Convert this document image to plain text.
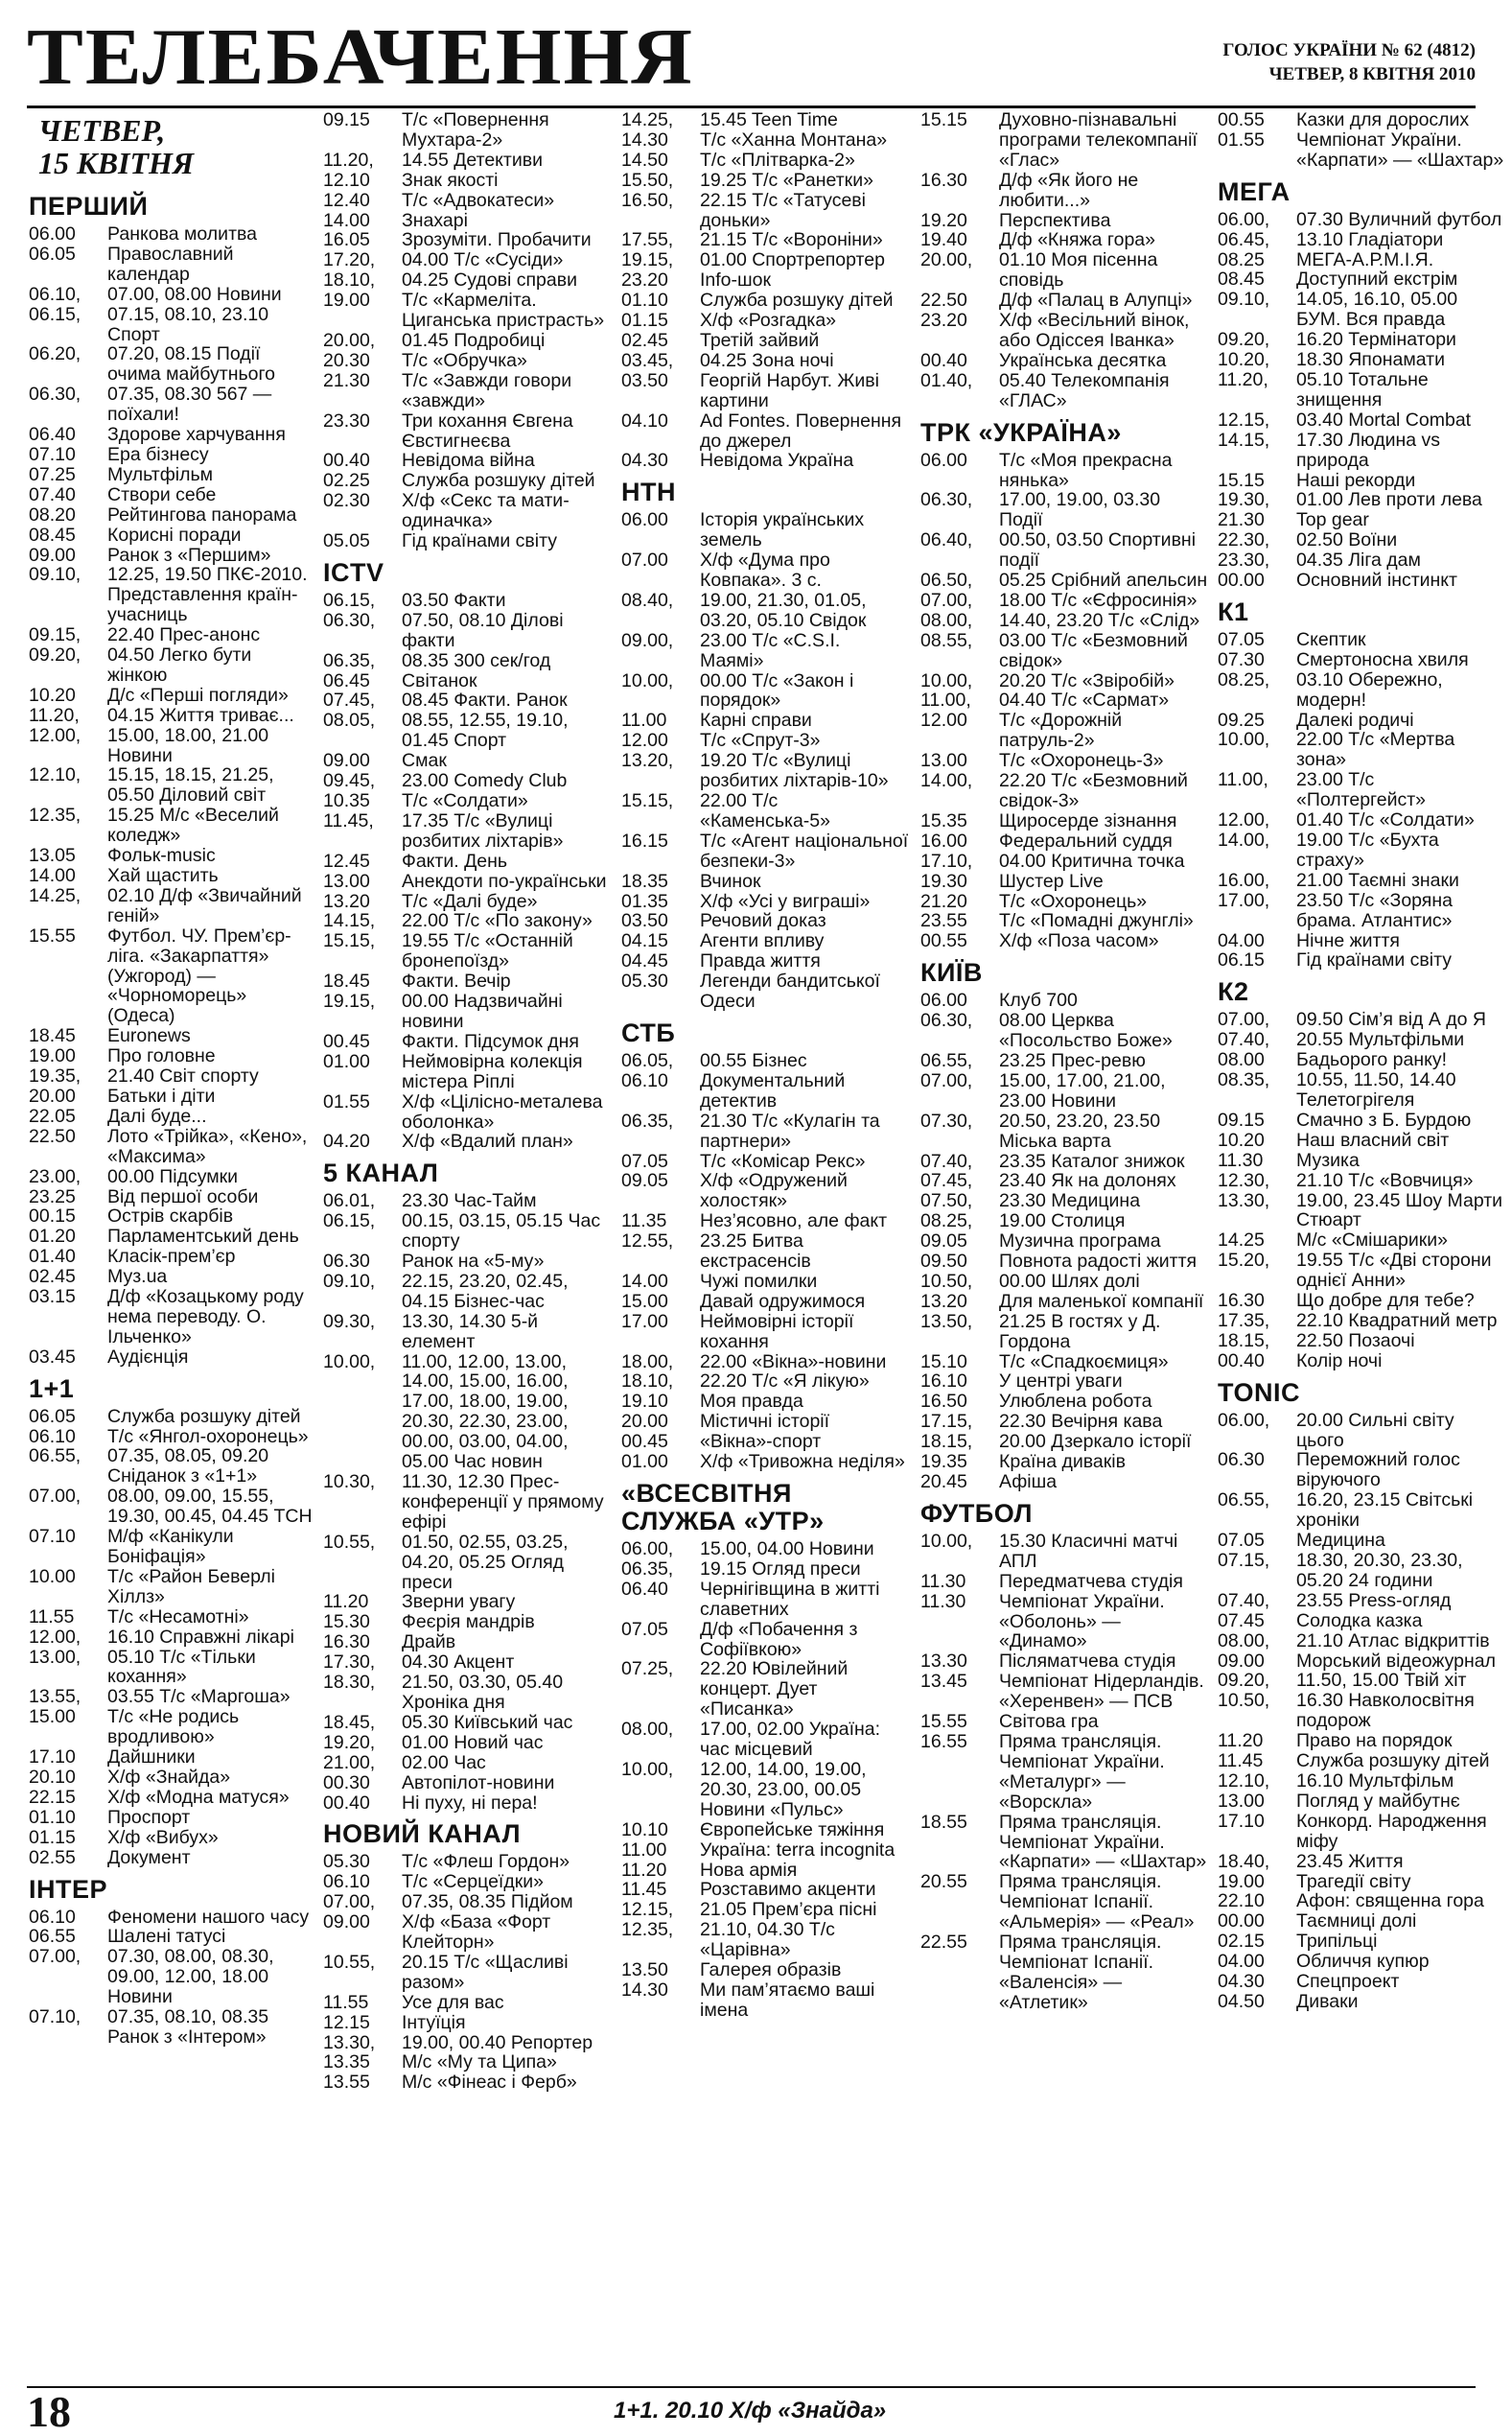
ТЕЛЕБАЧЕННЯ	ГОЛОС УКРАЇНИ № 62 (4812)
ЧЕТВЕР, 8 КВІТНЯ 2010
ЧЕТВЕР,
15 КВІТНЯ
ПЕРШИЙ
06.00 Ранкова молитва
06.05 Православний календар
06.10, 07.00, 08.00 Новини
06.15, 07.15, 08.10, 23.10 Спорт
06.20, 07.20, 08.15 Події очима майбутнього
06.30, 07.35, 08.30 567 — поїхали!
06.40 Здорове харчування
07.10 Ера бізнесу
07.25 Мультфільм
07.40 Створи себе
08.20 Рейтингова панорама
08.45 Корисні поради
09.00 Ранок з «Першим»
09.10, 12.25, 19.50 ПКЄ-2010. Представлення країн-учасниць
09.15, 22.40 Прес-анонс
09.20, 04.50 Легко бути жінкою
10.20 Д/с «Перші погляди»
11.20, 04.15 Життя триває...
12.00, 15.00, 18.00, 21.00 Новини
12.10, 15.15, 18.15, 21.25, 05.50 Діловий світ
12.35, 15.25 М/с «Веселий коледж»
13.05 Фольк-music
14.00 Хай щастить
14.25, 02.10 Д/ф «Звичайний геній»
15.55 Футбол. ЧУ. Прем’єр-ліга. «Закарпаття» (Ужгород) — «Чорноморець» (Одеса)
18.45 Euronews
19.00 Про головне
19.35, 21.40 Світ спорту
20.00 Батьки і діти
22.05 Далі буде...
22.50 Лото «Трійка», «Кено», «Максима»
23.00, 00.00 Підсумки
23.25 Від першої особи
00.15 Острів скарбів
01.20 Парламентський день
01.40 Класік-прем’єр
02.45 Муз.ua
03.15 Д/ф «Козацькому роду нема переводу. О. Ільченко»
03.45 Аудієнція
1+1
06.05 Служба розшуку дітей
06.10 Т/с «Янгол-охоронець»
06.55, 07.35, 08.05, 09.20 Сніданок з «1+1»
07.00, 08.00, 09.00, 15.55, 19.30, 00.45, 04.45 ТСН
07.10 М/ф «Канікули Боніфація»
10.00 Т/с «Район Беверлі Хіллз»
11.55 Т/с «Несамотні»
12.00, 16.10 Справжні лікарі
13.00, 05.10 Т/с «Тільки кохання»
13.55, 03.55 Т/с «Маргоша»
15.00 Т/с «Не родись вродливою»
17.10 Дайшники
20.10 Х/ф «Знайда»
22.15 Х/ф «Модна матуся»
01.10 Проспорт
01.15 Х/ф «Вибух»
02.55 Документ
ІНТЕР
06.10 Феномени нашого часу
06.55 Шалені татусі
07.00, 07.30, 08.00, 08.30, 09.00, 12.00, 18.00 Новини
07.10, 07.35, 08.10, 08.35 Ранок з «Інтером»
09.15 Т/с «Повернення Мухтара-2»
11.20, 14.55 Детективи
12.10 Знак якості
12.40 Т/с «Адвокатеси»
14.00 Знахарі
16.05 Зрозуміти. Пробачити
17.20, 04.00 Т/с «Сусіди»
18.10, 04.25 Судові справи
19.00 Т/с «Кармеліта. Циганська пристрасть»
20.00, 01.45 Подробиці
20.30 Т/с «Обручка»
21.30 Т/с «Завжди говори «завжди»
23.30 Три кохання Євгена Євстигнеєва
00.40 Невідома війна
02.25 Служба розшуку дітей
02.30 Х/ф «Секс та мати-одиначка»
05.05 Гід країнами світу
ICTV
06.15, 03.50 Факти
06.30, 07.50, 08.10 Ділові факти
06.35, 08.35 300 сек/год
06.45 Світанок
07.45, 08.45 Факти. Ранок
08.05, 08.55, 12.55, 19.10, 01.45 Спорт
09.00 Смак
09.45, 23.00 Comedy Club
10.35 Т/с «Солдати»
11.45, 17.35 Т/с «Вулиці розбитих ліхтарів»
12.45 Факти. День
13.00 Анекдоти по-українськи
13.20 Т/с «Далі буде»
14.15, 22.00 Т/с «По закону»
15.15, 19.55 Т/с «Останній бронепоїзд»
18.45 Факти. Вечір
19.15, 00.00 Надзвичайні новини
00.45 Факти. Підсумок дня
01.00 Неймовірна колекція містера Ріплі
01.55 Х/ф «Цілісно-металева оболонка»
04.20 Х/ф «Вдалий план»
5 КАНАЛ
06.01, 23.30 Час-Тайм
06.15, 00.15, 03.15, 05.15 Час спорту
06.30 Ранок на «5-му»
09.10, 22.15, 23.20, 02.45, 04.15 Бізнес-час
09.30, 13.30, 14.30 5-й елемент
10.00, 11.00, 12.00, 13.00, 14.00, 15.00, 16.00, 17.00, 18.00, 19.00, 20.30, 22.30, 23.00, 00.00, 03.00, 04.00, 05.00 Час новин
10.30, 11.30, 12.30 Прес-конференції у прямому ефірі
10.55, 01.50, 02.55, 03.25, 04.20, 05.25 Огляд преси
11.20 Зверни увагу
15.30 Феєрія мандрів
16.30 Драйв
17.30, 04.30 Акцент
18.30, 21.50, 03.30, 05.40 Хроніка дня
18.45, 05.30 Київський час
19.20, 01.00 Новий час
21.00, 02.00 Час
00.30 Автопілот-новини
00.40 Ні пуху, ні пера!
НОВИЙ КАНАЛ
05.30 Т/с «Флеш Гордон»
06.10 Т/с «Серцеїдки»
07.00, 07.35, 08.35 Підйом
09.00 Х/ф «База «Форт Клейторн»
10.55, 20.15 Т/с «Щасливі разом»
11.55 Усе для вас
12.15 Інтуїція
13.30, 19.00, 00.40 Репортер
13.35 М/с «Му та Ципа»
13.55 М/с «Фінеас і Ферб»
14.25, 15.45 Teen Time
14.30 Т/с «Ханна Монтана»
14.50 Т/с «Плітварка-2»
15.50, 19.25 Т/с «Ранетки»
16.50, 22.15 Т/с «Татусеві доньки»
17.55, 21.15 Т/с «Вороніни»
19.15, 01.00 Спортрепортер
23.20 Info-шок
01.10 Служба розшуку дітей
01.15 Х/ф «Розгадка»
02.45 Третій зайвий
03.45, 04.25 Зона ночі
03.50 Георгій Нарбут. Живі картини
04.10 Ad Fontes. Повернення до джерел
04.30 Невідома Україна
НТН
06.00 Історія українських земель
07.00 Х/ф «Дума про Ковпака». 3 с.
08.40, 19.00, 21.30, 01.05, 03.20, 05.10 Свідок
09.00, 23.00 Т/с «C.S.I. Маямі»
10.00, 00.00 Т/с «Закон і порядок»
11.00 Карні справи
12.00 Т/с «Спрут-3»
13.20, 19.20 Т/с «Вулиці розбитих ліхтарів-10»
15.15, 22.00 Т/с «Каменська-5»
16.15 Т/с «Агент національної безпеки-3»
18.35 Вчинок
01.35 Х/ф «Усі у виграші»
03.50 Речовий доказ
04.15 Агенти впливу
04.45 Правда життя
05.30 Легенди бандитської Одеси
СТБ
06.05, 00.55 Бізнес
06.10 Документальний детектив
06.35, 21.30 Т/с «Кулагін та партнери»
07.05 Т/с «Комісар Рекс»
09.05 Х/ф «Одружений холостяк»
11.35 Нез’ясовно, але факт
12.55, 23.25 Битва екстрасенсів
14.00 Чужі помилки
15.00 Давай одружимося
17.00 Неймовірні історії кохання
18.00, 22.00 «Вікна»-новини
18.10, 22.20 Т/с «Я лікую»
19.10 Моя правда
20.00 Містичні історії
00.45 «Вікна»-спорт
01.00 Х/ф «Тривожна неділя»
«ВСЕСВІТНЯ СЛУЖБА «УТР»
06.00, 15.00, 04.00 Новини
06.35, 19.15 Огляд преси
06.40 Чернігівщина в житті славетних
07.05 Д/ф «Побачення з Софіївкою»
07.25, 22.20 Ювілейний концерт. Дует «Писанка»
08.00, 17.00, 02.00 Україна: час місцевий
10.00, 12.00, 14.00, 19.00, 20.30, 23.00, 00.05 Новини «Пульс»
10.10 Європейське тяжіння
11.00 Україна: terra incognita
11.20 Нова армія
11.45 Розставимо акценти
12.15, 21.05 Прем’єра пісні
12.35, 21.10, 04.30 Т/с «Царівна»
13.50 Галерея образів
14.30 Ми пам’ятаємо ваші імена
15.15 Духовно-пізнавальні програми телекомпанії «Глас»
16.30 Д/ф «Як його не любити...»
19.20 Перспектива
19.40 Д/ф «Княжа гора»
20.00, 01.10 Моя пісенна сповідь
22.50 Д/ф «Палац в Алупці»
23.20 Х/ф «Весільний вінок, або Одіссея Іванка»
00.40 Українська десятка
01.40, 05.40 Телекомпанія «ГЛАС»
ТРК «УКРАЇНА»
06.00 Т/с «Моя прекрасна нянька»
06.30, 17.00, 19.00, 03.30 Події
06.40, 00.50, 03.50 Спортивні події
06.50, 05.25 Срібний апельсин
07.00, 18.00 Т/с «Єфросинія»
08.00, 14.40, 23.20 Т/с «Слід»
08.55, 03.00 Т/с «Безмовний свідок»
10.00, 20.20 Т/с «Звіробій»
11.00, 04.40 Т/с «Сармат»
12.00 Т/с «Дорожній патруль-2»
13.00 Т/с «Охоронець-3»
14.00, 22.20 Т/с «Безмовний свідок-3»
15.35 Щиросерде зізнання
16.00 Федеральний суддя
17.10, 04.00 Критична точка
19.30 Шустер Live
21.20 Т/с «Охоронець»
23.55 Т/с «Помадні джунглі»
00.55 Х/ф «Поза часом»
КИЇВ
06.00 Клуб 700
06.30, 08.00 Церква «Посольство Боже»
06.55, 23.25 Прес-ревю
07.00, 15.00, 17.00, 21.00, 23.00 Новини
07.30, 20.50, 23.20, 23.50 Міська варта
07.40, 23.35 Каталог знижок
07.45, 23.40 Як на долонях
07.50, 23.30 Медицина
08.25, 19.00 Столиця
09.05 Музична програма
09.50 Повнота радості життя
10.50, 00.00 Шлях долі
13.20 Для маленької компанії
13.50, 21.25 В гостях у Д. Гордона
15.10 Т/с «Спадкоємиця»
16.10 У центрі уваги
16.50 Улюблена робота
17.15, 22.30 Вечірня кава
18.15, 20.00 Дзеркало історії
19.35 Країна диваків
20.45 Афіша
ФУТБОЛ
10.00, 15.30 Класичні матчі АПЛ
11.30 Передматчева студія
11.30 Чемпіонат України. «Оболонь» — «Динамо»
13.30 Післяматчева студія
13.45 Чемпіонат Нідерландів. «Херенвен» — ПСВ
15.55 Світова гра
16.55 Пряма трансляція. Чемпіонат України. «Металург» — «Ворскла»
18.55 Пряма трансляція. Чемпіонат України. «Карпати» — «Шахтар»
20.55 Пряма трансляція. Чемпіонат Іспанії. «Альмерія» — «Реал»
22.55 Пряма трансляція. Чемпіонат Іспанії. «Валенсія» — «Атлетик»
00.55 Казки для дорослих
01.55 Чемпіонат України. «Карпати» — «Шахтар»
МЕГА
06.00, 07.30 Вуличний футбол
06.45, 13.10 Гладіатори
08.25 МЕГА-А.Р.М.І.Я.
08.45 Доступний екстрім
09.10, 14.05, 16.10, 05.00 БУМ. Вся правда
09.20, 16.20 Термінатори
10.20, 18.30 Японамати
11.20, 05.10 Тотальне знищення
12.15, 03.40 Mortal Combat
14.15, 17.30 Людина vs природа
15.15 Наші рекорди
19.30, 01.00 Лев проти лева
21.30 Top gear
22.30, 02.50 Воїни
23.30, 04.35 Ліга дам
00.00 Основний інстинкт
К1
07.05 Скептик
07.30 Смертоносна хвиля
08.25, 03.10 Обережно, модерн!
09.25 Далекі родичі
10.00, 22.00 Т/с «Мертва зона»
11.00, 23.00 Т/с «Полтергейст»
12.00, 01.40 Т/с «Солдати»
14.00, 19.00 Т/с «Бухта страху»
16.00, 21.00 Таємні знаки
17.00, 23.50 Т/с «Зоряна брама. Атлантис»
04.00 Нічне життя
06.15 Гід країнами світу
К2
07.00, 09.50 Сім’я від А до Я
07.40, 20.55 Мультфільми
08.00 Бадьорого ранку!
08.35, 10.55, 11.50, 14.40 Телетогрігеля
09.15 Смачно з Б. Бурдою
10.20 Наш власний світ
11.30 Музика
12.30, 21.10 Т/с «Вовчиця»
13.30, 19.00, 23.45 Шоу Марти Стюарт
14.25 М/с «Смішарики»
15.20, 19.55 Т/с «Дві сторони однієї Анни»
16.30 Що добре для тебе?
17.35, 22.10 Квадратний метр
18.15, 22.50 Позаочі
00.40 Колір ночі
TONIC
06.00, 20.00 Сильні світу цього
06.30 Переможний голос віруючого
06.55, 16.20, 23.15 Світські хроніки
07.05 Медицина
07.15, 18.30, 20.30, 23.30, 05.20 24 години
07.40, 23.55 Press-огляд
07.45 Солодка казка
08.00, 21.10 Атлас відкриттів
09.00 Морський відеожурнал
09.20, 11.50, 15.00 Твій хіт
10.50, 16.30 Навколосвітня подорож
11.20 Право на порядок
11.45 Служба розшуку дітей
12.10, 16.10 Мультфільм
13.00 Погляд у майбутнє
17.10 Конкорд. Народження міфу
18.40, 23.45 Життя
19.00 Трагедії світу
22.10 Афон: священна гора
00.00 Таємниці долі
02.15 Трипільці
04.00 Обличчя купюр
04.30 Спецпроект
04.50 Диваки
18	1+1. 20.10 Х/ф «Знайда»
